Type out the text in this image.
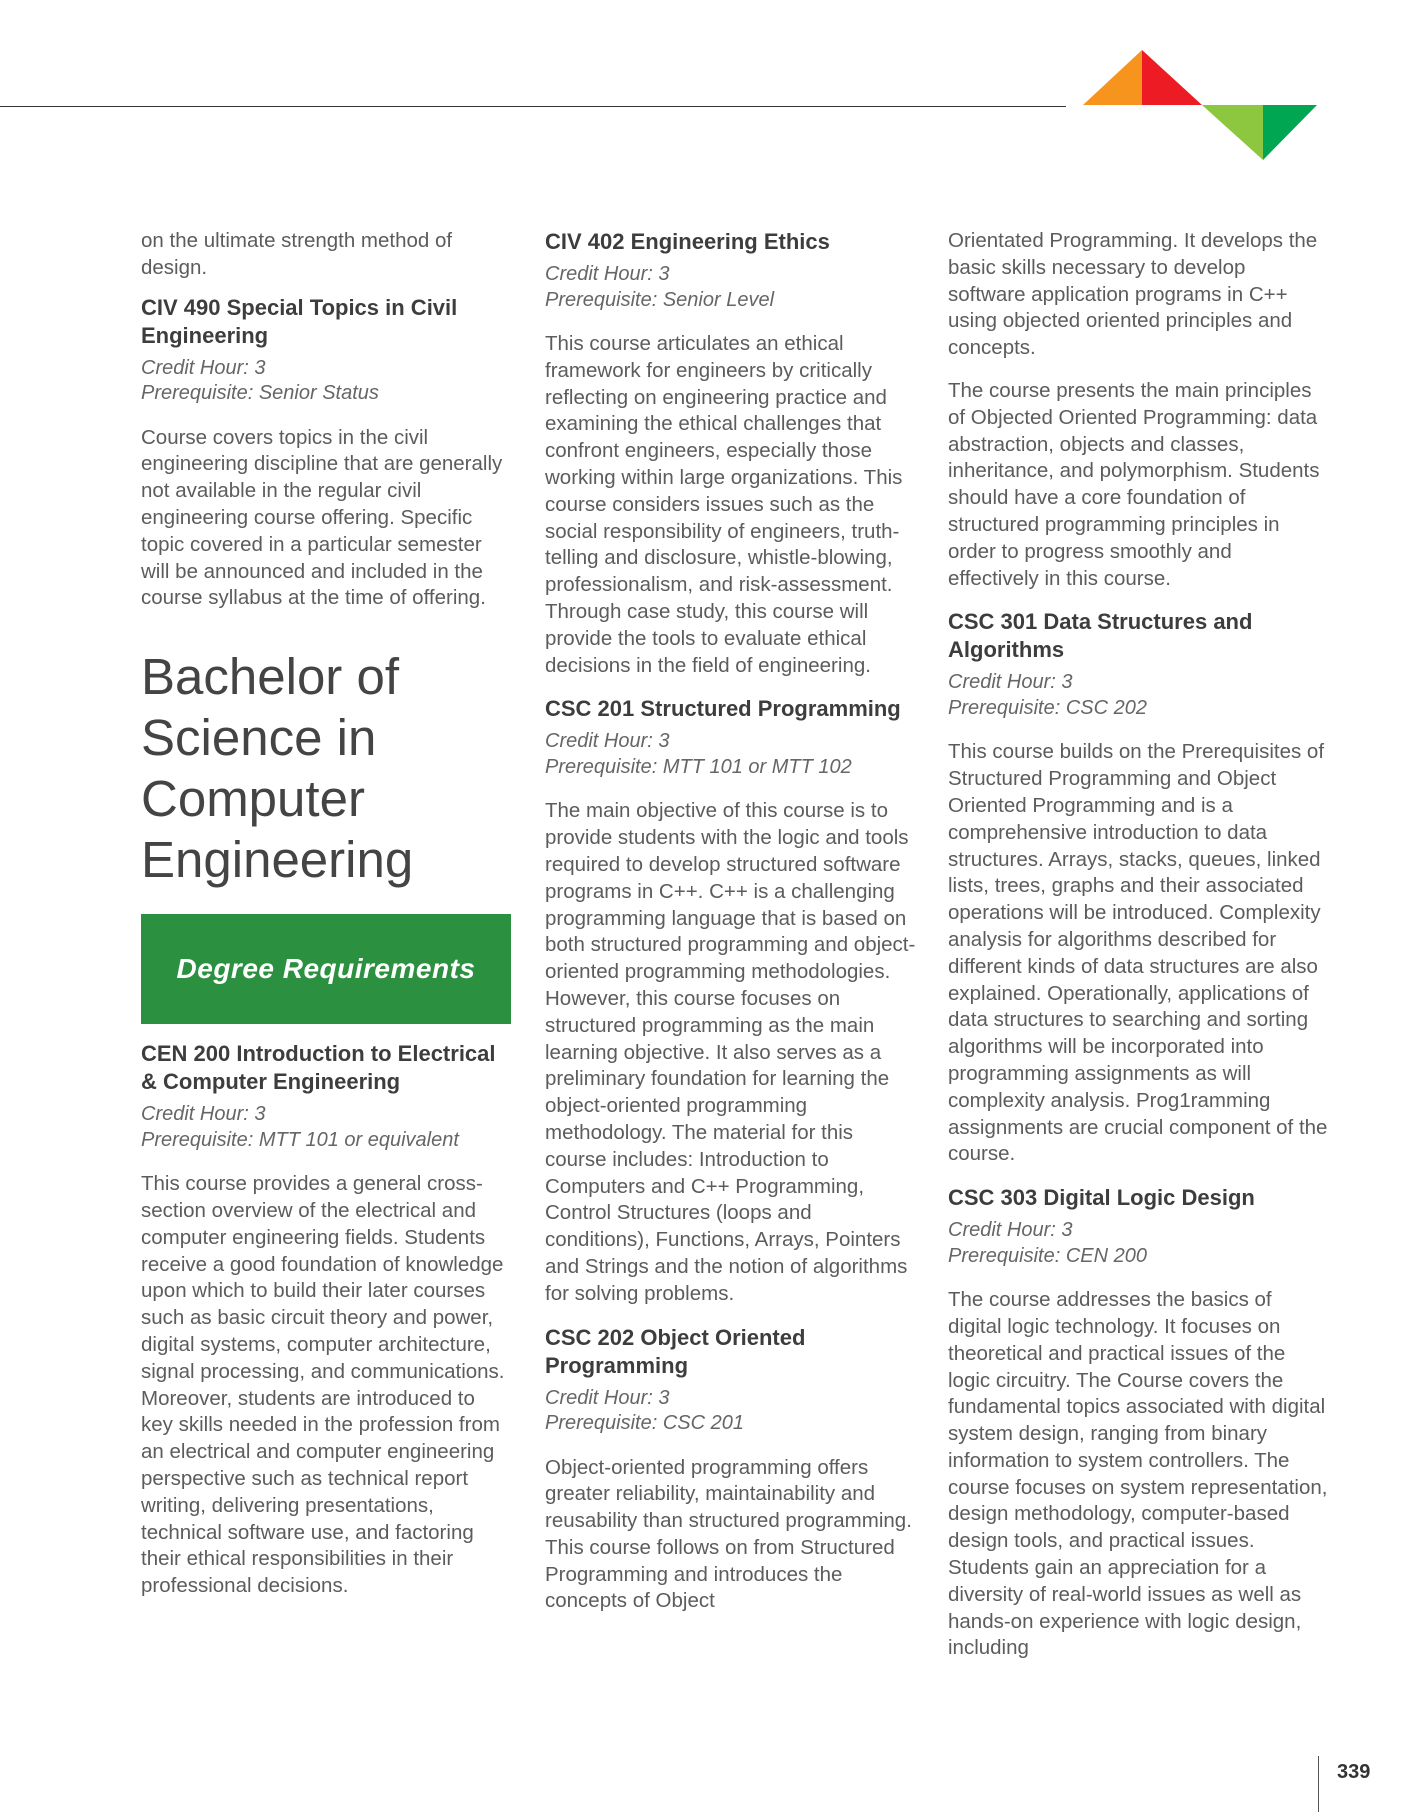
on the ultimate strength method of design.

CIV 490 Special Topics in Civil Engineering

Credit Hour: 3

Prerequisite: Senior Status

Course covers topics in the civil engineering discipline that are generally not available in the regular civil engineering course offering. Specific topic covered in a particular semester will be announced and included in the course syllabus at the time of offering.

Bachelor of Science in Computer Engineering
Degree Requirements
CEN 200 Introduction to Electrical & Computer Engineering

Credit Hour: 3

Prerequisite: MTT 101 or equivalent

This course provides a general cross-section overview of the electrical and computer engineering fields. Students receive a good foundation of knowledge upon which to build their later courses such as basic circuit theory and power, digital systems, computer architecture, signal processing, and communications. Moreover, students are introduced to key skills needed in the profession from an electrical and computer engineering perspective such as technical report writing, delivering presentations, technical software use, and factoring their ethical responsibilities in their professional decisions.

CIV 402 Engineering Ethics

Credit Hour: 3

Prerequisite: Senior Level

This course articulates an ethical framework for engineers by critically reflecting on engineering practice and examining the ethical challenges that confront engineers, especially those working within large organizations. This course considers issues such as the social responsibility of engineers, truth-telling and disclosure, whistle-blowing, professionalism, and risk-assessment. Through case study, this course will provide the tools to evaluate ethical decisions in the field of engineering.

CSC 201 Structured Programming

Credit Hour: 3

Prerequisite: MTT 101 or MTT 102

The main objective of this course is to provide students with the logic and tools required to develop structured software programs in C++. C++ is a challenging programming language that is based on both structured programming and object-oriented programming methodologies. However, this course focuses on structured programming as the main learning objective. It also serves as a preliminary foundation for learning the object-oriented programming methodology. The material for this course includes: Introduction to Computers and C++ Programming, Control Structures (loops and conditions), Functions, Arrays, Pointers and Strings and the notion of algorithms for solving problems.

CSC 202 Object Oriented Programming

Credit Hour: 3

Prerequisite: CSC 201

Object-oriented programming offers greater reliability, maintainability and reusability than structured programming. This course follows on from Structured Programming and introduces the concepts of Object

Orientated Programming. It develops the basic skills necessary to develop software application programs in C++ using objected oriented principles and concepts.

The course presents the main principles of Objected Oriented Programming: data abstraction, objects and classes, inheritance, and polymorphism. Students should have a core foundation of structured programming principles in order to progress smoothly and effectively in this course.

CSC 301 Data Structures and Algorithms

Credit Hour: 3

Prerequisite: CSC 202

This course builds on the Prerequisites of Structured Programming and Object Oriented Programming and is a comprehensive introduction to data structures. Arrays, stacks, queues, linked lists, trees, graphs and their associated operations will be introduced. Complexity analysis for algorithms described for different kinds of data structures are also explained. Operationally, applications of data structures to searching and sorting algorithms will be incorporated into programming assignments as will complexity analysis. Prog1ramming assignments are crucial component of the course.

CSC 303 Digital Logic Design

Credit Hour: 3

Prerequisite: CEN 200

The course addresses the basics of digital logic technology. It focuses on theoretical and practical issues of the logic circuitry. The Course covers the fundamental topics associated with digital system design, ranging from binary information to system controllers. The course focuses on system representation, design methodology, computer-based design tools, and practical issues. Students gain an appreciation for a diversity of real-world issues as well as hands-on experience with logic design, including

339
